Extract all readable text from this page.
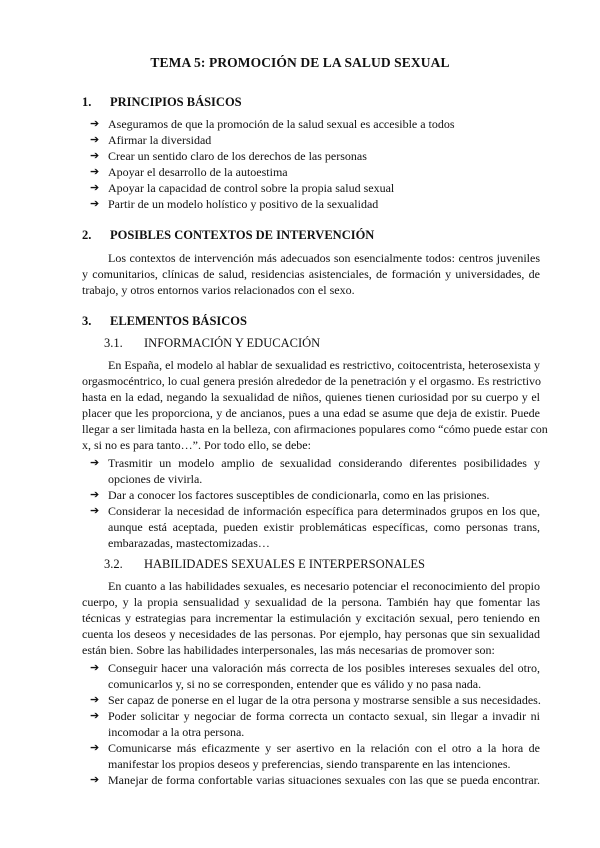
TEMA 5: PROMOCIÓN DE LA SALUD SEXUAL
1. PRINCIPIOS BÁSICOS
➔ Aseguramos de que la promoción de la salud sexual es accesible a todos
➔ Afirmar la diversidad
➔ Crear un sentido claro de los derechos de las personas
➔ Apoyar el desarrollo de la autoestima
➔ Apoyar la capacidad de control sobre la propia salud sexual
➔ Partir de un modelo holístico y positivo de la sexualidad
2. POSIBLES CONTEXTOS DE INTERVENCIÓN
Los contextos de intervención más adecuados son esencialmente todos: centros juveniles
y comunitarios, clínicas de salud, residencias asistenciales, de formación y universidades, de
trabajo, y otros entornos varios relacionados con el sexo.
3. ELEMENTOS BÁSICOS
3.1. INFORMACIÓN Y EDUCACIÓN
En España, el modelo al hablar de sexualidad es restrictivo, coitocentrista, heterosexista y
orgasmocéntrico, lo cual genera presión alrededor de la penetración y el orgasmo. Es restrictivo
hasta en la edad, negando la sexualidad de niños, quienes tienen curiosidad por su cuerpo y el
placer que les proporciona, y de ancianos, pues a una edad se asume que deja de existir. Puede
llegar a ser limitada hasta en la belleza, con afirmaciones populares como “cómo puede estar con
x, si no es para tanto…”. Por todo ello, se debe:
➔ Trasmitir un modelo amplio de sexualidad considerando diferentes posibilidades y
opciones de vivirla.
➔ Dar a conocer los factores susceptibles de condicionarla, como en las prisiones.
➔ Considerar la necesidad de información específica para determinados grupos en los que,
aunque está aceptada, pueden existir problemáticas específicas, como personas trans,
embarazadas, mastectomizadas…
3.2. HABILIDADES SEXUALES E INTERPERSONALES
En cuanto a las habilidades sexuales, es necesario potenciar el reconocimiento del propio
cuerpo, y la propia sensualidad y sexualidad de la persona. También hay que fomentar las
técnicas y estrategias para incrementar la estimulación y excitación sexual, pero teniendo en
cuenta los deseos y necesidades de las personas. Por ejemplo, hay personas que sin sexualidad
están bien. Sobre las habilidades interpersonales, las más necesarias de promover son:
➔ Conseguir hacer una valoración más correcta de los posibles intereses sexuales del otro,
comunicarlos y, si no se corresponden, entender que es válido y no pasa nada.
➔ Ser capaz de ponerse en el lugar de la otra persona y mostrarse sensible a sus necesidades.
➔ Poder solicitar y negociar de forma correcta un contacto sexual, sin llegar a invadir ni
incomodar a la otra persona.
➔ Comunicarse más eficazmente y ser asertivo en la relación con el otro a la hora de
manifestar los propios deseos y preferencias, siendo transparente en las intenciones.
➔ Manejar de forma confortable varias situaciones sexuales con las que se pueda encontrar.
